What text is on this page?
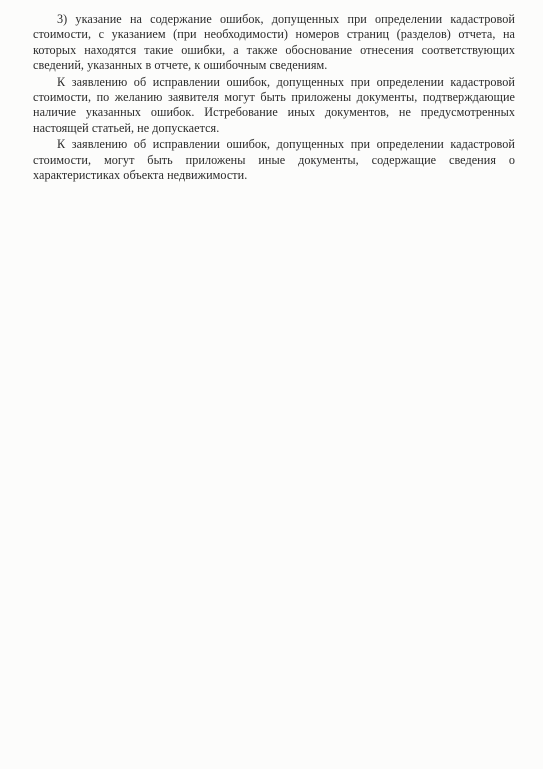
3) указание на содержание ошибок, допущенных при определении кадастровой стоимости, с указанием (при необходимости) номеров страниц (разделов) отчета, на которых находятся такие ошибки, а также обоснование отнесения соответствующих сведений, указанных в отчете, к ошибочным сведениям.

К заявлению об исправлении ошибок, допущенных при определении кадастровой стоимости, по желанию заявителя могут быть приложены документы, подтверждающие наличие указанных ошибок. Истребование иных документов, не предусмотренных настоящей статьей, не допускается.

К заявлению об исправлении ошибок, допущенных при определении кадастровой стоимости, могут быть приложены иные документы, содержащие сведения о характеристиках объекта недвижимости.
